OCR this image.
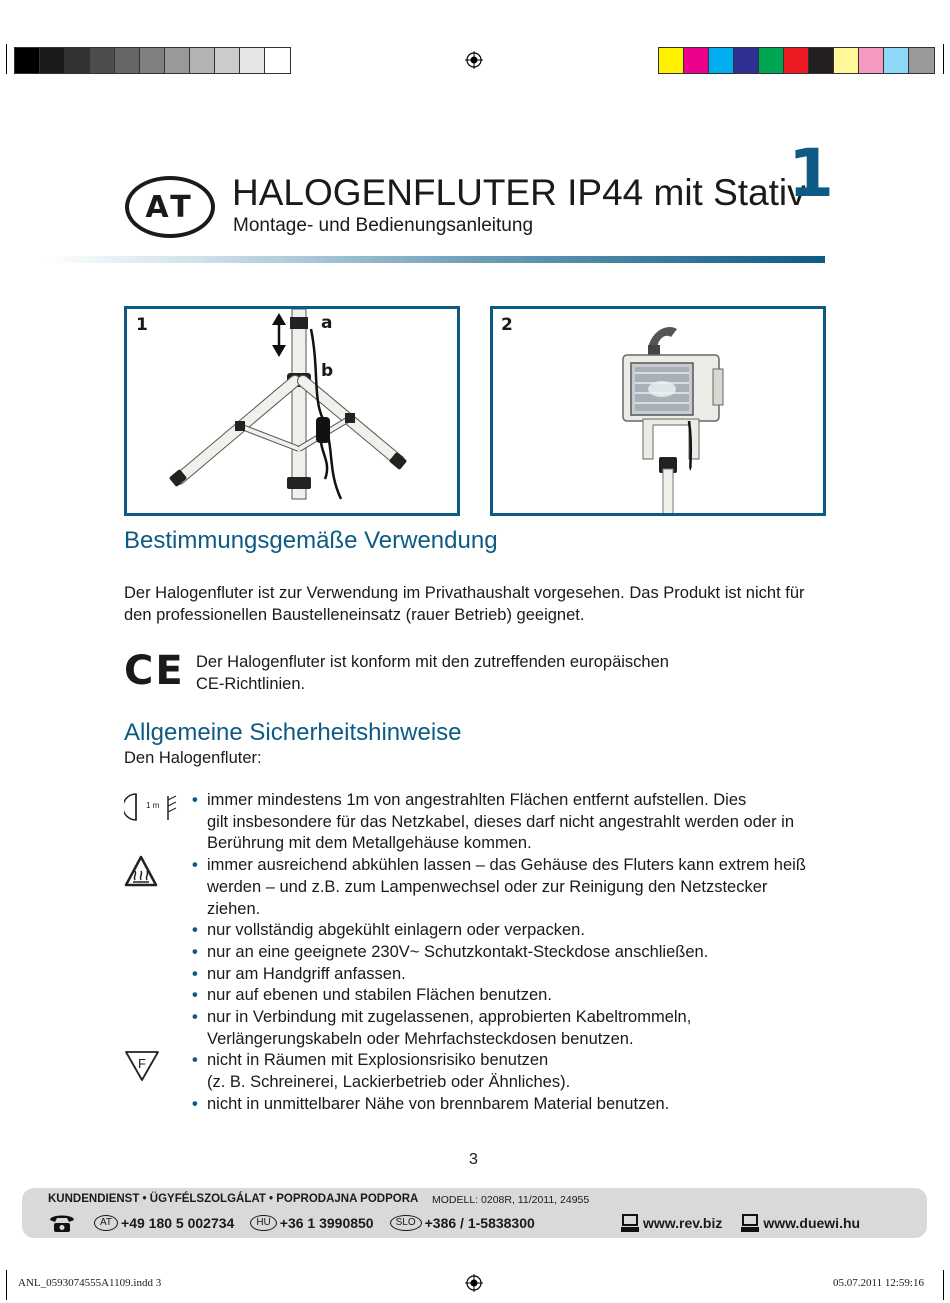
AT	HALOGENFLUTER IP44 mit Stativ
Montage- und Bedienungsanleitung
1
1	a
b
2
Bestimmungsgemäße Verwendung
Der Halogenfluter ist zur Verwendung im Privathaushalt vorgesehen. Das Produkt ist nicht für
den professionellen Baustelleneinsatz (rauer Betrieb) geeignet.
CE Der Halogenfluter ist konform mit den zutreffenden europäischen
CE-Richtlinien.
Allgemeine Sicherheitshinweise
Den Halogenfluter:
1 m
F
• immer mindestens 1m von angestrahlten Flächen entfernt aufstellen. Dies
gilt insbesondere für das Netzkabel, dieses darf nicht angestrahlt werden oder in
Berührung mit dem Metallgehäuse kommen.
• immer ausreichend abkühlen lassen – das Gehäuse des Fluters kann extrem heiß
werden – und z.B. zum Lampenwechsel oder zur Reinigung den Netzstecker
ziehen.
• nur vollständig abgekühlt einlagern oder verpacken.
• nur an eine geeignete 230V~ Schutzkontakt-Steckdose anschließen.
• nur am Handgriff anfassen.
• nur auf ebenen und stabilen Flächen benutzen.
• nur in Verbindung mit zugelassenen, approbierten Kabeltrommeln,
Verlängerungskabeln oder Mehrfachsteckdosen benutzen.
• nicht in Räumen mit Explosionsrisiko benutzen
(z. B. Schreinerei, Lackierbetrieb oder Ähnliches).
• nicht in unmittelbarer Nähe von brennbarem Material benutzen.
3
KUNDENDIENST • ÜGYFÉLSZOLGÁLAT • POPRODAJNA PODPORA MODELL: 0208R, 11/2011, 24955
AT +49 180 5 002734	HU +36 1 3990850	SLO +386 / 1-5838300	www.rev.biz	www.duewi.hu
ANL_0593074555A1109.indd 3	05.07.2011 12:59:16
